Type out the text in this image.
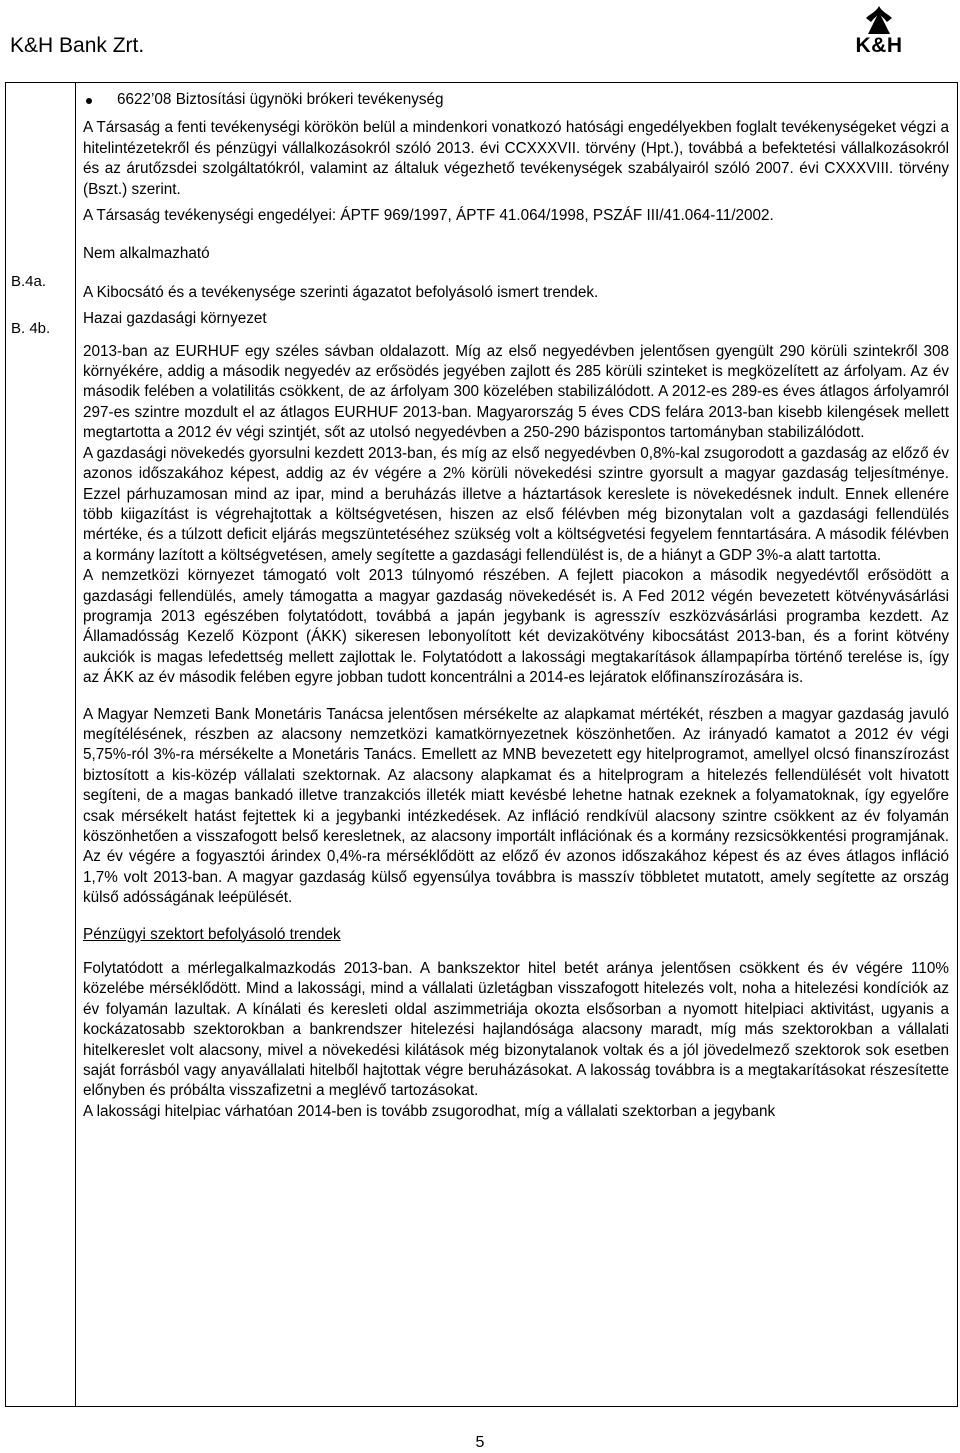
K&H Bank Zrt.	K&H
B.4a.
B. 4b.

6622’08 Biztosítási ügynöki brókeri tevékenység

A Társaság a fenti tevékenységi körökön belül a mindenkori vonatkozó hatósági engedélyekben foglalt tevékenységeket végzi a hitelintézetekről és pénzügyi vállalkozásokról szóló 2013. évi CCXXXVII. törvény (Hpt.), továbbá a befektetési vállalkozásokról és az árutőzsdei szolgáltatókról, valamint az általuk végezhető tevékenységek szabályairól szóló 2007. évi CXXXVIII. törvény (Bszt.) szerint.

A Társaság tevékenységi engedélyei: ÁPTF 969/1997, ÁPTF 41.064/1998, PSZÁF III/41.064-11/2002.

Nem alkalmazható

A Kibocsátó és a tevékenysége szerinti ágazatot befolyásoló ismert trendek.

Hazai gazdasági környezet

2013-ban az EURHUF egy széles sávban oldalazott. Míg az első negyedévben jelentősen gyengült 290 körüli szintekről 308 környékére, addig a második negyedév az erősödés jegyében zajlott és 285 körüli szinteket is megközelített az árfolyam. Az év második felében a volatilitás csökkent, de az árfolyam 300 közelében stabilizálódott. A 2012-es 289-es éves átlagos árfolyamról 297-es szintre mozdult el az átlagos EURHUF 2013-ban. Magyarország 5 éves CDS felára 2013-ban kisebb kilengések mellett megtartotta a 2012 év végi szintjét, sőt az utolsó negyedévben a 250-290 bázispontos tartományban stabilizálódott.

A gazdasági növekedés gyorsulni kezdett 2013-ban, és míg az első negyedévben 0,8%-kal zsugorodott a gazdaság az előző év azonos időszakához képest, addig az év végére a 2% körüli növekedési szintre gyorsult a magyar gazdaság teljesítménye. Ezzel párhuzamosan mind az ipar, mind a beruházás illetve a háztartások kereslete is növekedésnek indult. Ennek ellenére több kiigazítást is végrehajtottak a költségvetésen, hiszen az első félévben még bizonytalan volt a gazdasági fellendülés mértéke, és a túlzott deficit eljárás megszüntetéséhez szükség volt a költségvetési fegyelem fenntartására. A második félévben a kormány lazított a költségvetésen, amely segítette a gazdasági fellendülést is, de a hiányt a GDP 3%-a alatt tartotta.

A nemzetközi környezet támogató volt 2013 túlnyomó részében. A fejlett piacokon a második negyedévtől erősödött a gazdasági fellendülés, amely támogatta a magyar gazdaság növekedését is. A Fed 2012 végén bevezetett kötvényvásárlási programja 2013 egészében folytatódott, továbbá a japán jegybank is agresszív eszközvásárlási programba kezdett. Az Államadósság Kezelő Központ (ÁKK) sikeresen lebonyolított két devizakötvény kibocsátást 2013-ban, és a forint kötvény aukciók is magas lefedettség mellett zajlottak le. Folytatódott a lakossági megtakarítások állampapírba történő terelése is, így az ÁKK az év második felében egyre jobban tudott koncentrálni a 2014-es lejáratok előfinanszírozására is.

A Magyar Nemzeti Bank Monetáris Tanácsa jelentősen mérsékelte az alapkamat mértékét, részben a magyar gazdaság javuló megítélésének, részben az alacsony nemzetközi kamatkörnyezetnek köszönhetően. Az irányadó kamatot a 2012 év végi 5,75%-ról 3%-ra mérsékelte a Monetáris Tanács. Emellett az MNB bevezetett egy hitelprogramot, amellyel olcsó finanszírozást biztosított a kis-közép vállalati szektornak. Az alacsony alapkamat és a hitelprogram a hitelezés fellendülését volt hivatott segíteni, de a magas bankadó illetve tranzakciós illeték miatt kevésbé lehetne hatnak ezeknek a folyamatoknak, így egyelőre csak mérsékelt hatást fejtettek ki a jegybanki intézkedések. Az infláció rendkívül alacsony szintre csökkent az év folyamán köszönhetően a visszafogott belső keresletnek, az alacsony importált inflációnak és a kormány rezsicsökkentési programjának. Az év végére a fogyasztói árindex 0,4%-ra mérséklődött az előző év azonos időszakához képest és az éves átlagos infláció 1,7% volt 2013-ban. A magyar gazdaság külső egyensúlya továbbra is masszív többletet mutatott, amely segítette az ország külső adósságának leépülését.

Pénzügyi szektort befolyásoló trendek

Folytatódott a mérlegalkalmazkodás 2013-ban. A bankszektor hitel betét aránya jelentősen csökkent és év végére 110% közelébe mérséklődött. Mind a lakossági, mind a vállalati üzletágban visszafogott hitelezés volt, noha a hitelezési kondíciók az év folyamán lazultak. A kínálati és keresleti oldal aszimmetriája okozta elsősorban a nyomott hitelpiaci aktivitást, ugyanis a kockázatosabb szektorokban a bankrendszer hitelezési hajlandósága alacsony maradt, míg más szektorokban a vállalati hitelkereslet volt alacsony, mivel a növekedési kilátások még bizonytalanok voltak és a jól jövedelmező szektorok sok esetben saját forrásból vagy anyavállalati hitelből hajtottak végre beruházásokat. A lakosság továbbra is a megtakarításokat részesítette előnyben és próbálta visszafizetni a meglévő tartozásokat.

A lakossági hitelpiac várhatóan 2014-ben is tovább zsugorodhat, míg a vállalati szektorban a jegybank

5
